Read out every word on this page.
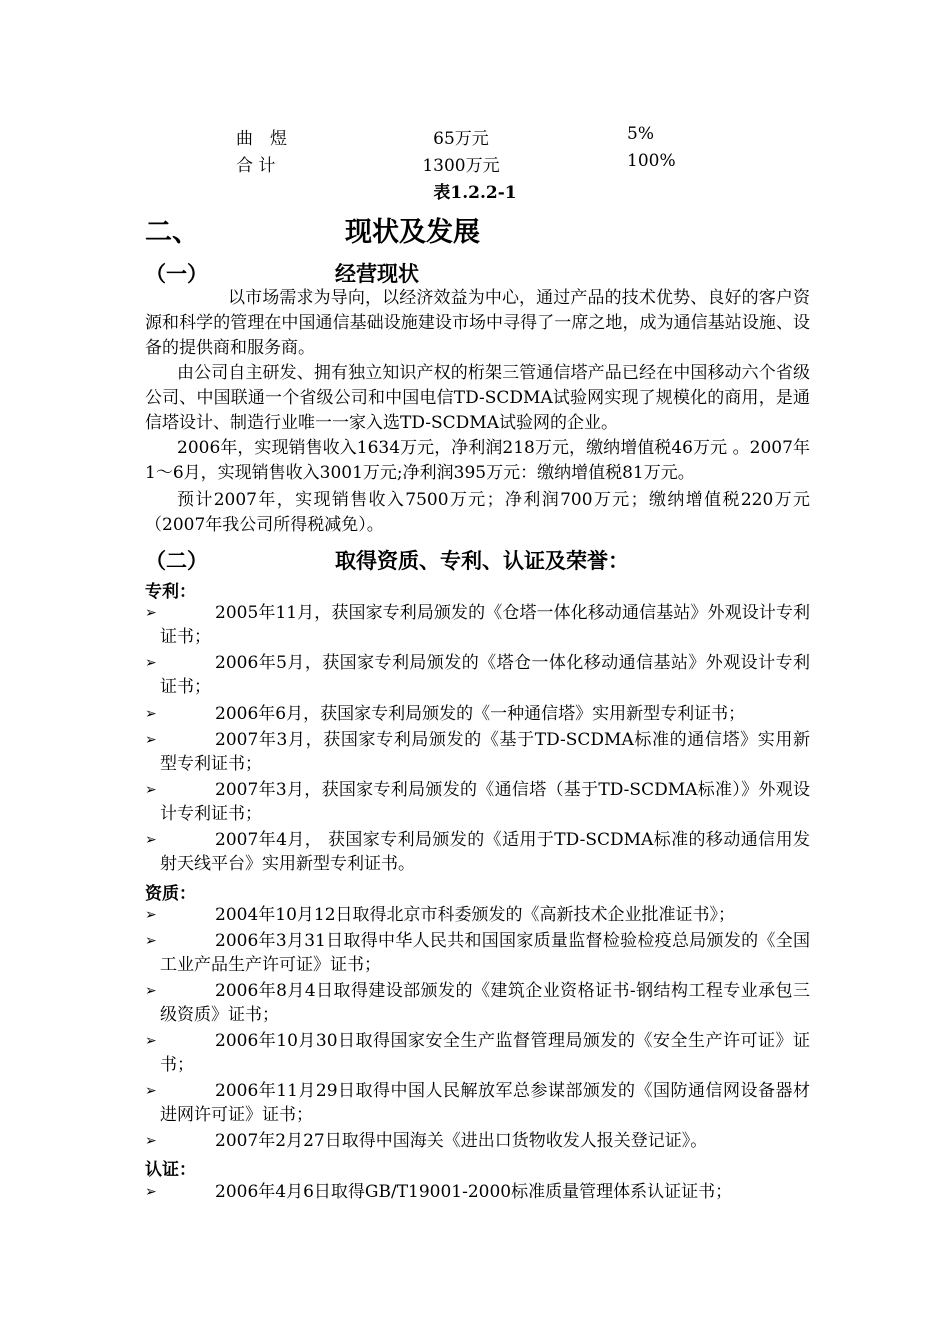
曲　煜	65万元	5%
合 计	1300万元	100%
表1.2.2-1
二、	现状及发展
（一）	经营现状
以市场需求为导向，以经济效益为中心，通过产品的技术优势、良好的客户资源和科学的管理在中国通信基础设施建设市场中寻得了一席之地，成为通信基站设施、设备的提供商和服务商。
由公司自主研发、拥有独立知识产权的桁架三管通信塔产品已经在中国移动六个省级公司、中国联通一个省级公司和中国电信TD-SCDMA试验网实现了规模化的商用，是通信塔设计、制造行业唯一一家入选TD-SCDMA试验网的企业。
2006年，实现销售收入1634万元，净利润218万元，缴纳增值税46万元 。2007年1～6月，实现销售收入3001万元;净利润395万元：缴纳增值税81万元。
预计2007年，实现销售收入7500万元；净利润700万元；缴纳增值税220万元（2007年我公司所得税减免）。
（二）	取得资质、专利、认证及荣誉：
专利：
➢	2005年11月，获国家专利局颁发的《仓塔一体化移动通信基站》外观设计专利证书；
➢	2006年5月，获国家专利局颁发的《塔仓一体化移动通信基站》外观设计专利证书；
➢	2006年6月，获国家专利局颁发的《一种通信塔》实用新型专利证书；
➢	2007年3月，获国家专利局颁发的《基于TD-SCDMA标准的通信塔》实用新型专利证书；
➢	2007年3月，获国家专利局颁发的《通信塔（基于TD-SCDMA标准）》外观设计专利证书；
➢	2007年4月， 获国家专利局颁发的《适用于TD-SCDMA标准的移动通信用发射天线平台》实用新型专利证书。
资质：
➢	2004年10月12日取得北京市科委颁发的《高新技术企业批准证书》；
➢	2006年3月31日取得中华人民共和国国家质量监督检验检疫总局颁发的《全国工业产品生产许可证》证书；
➢	2006年8月4日取得建设部颁发的《建筑企业资格证书-钢结构工程专业承包三级资质》证书；
➢	2006年10月30日取得国家安全生产监督管理局颁发的《安全生产许可证》证书；
➢	2006年11月29日取得中国人民解放军总参谋部颁发的《国防通信网设备器材进网许可证》证书；
➢	2007年2月27日取得中国海关《进出口货物收发人报关登记证》。
认证：
➢	2006年4月6日取得GB/T19001-2000标准质量管理体系认证证书；
